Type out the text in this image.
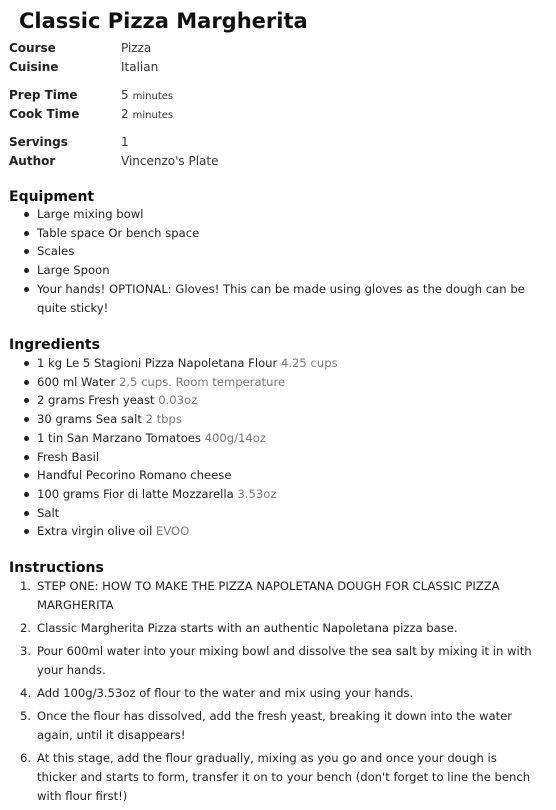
Classic Pizza Margherita
Course	Pizza
Cuisine	Italian
Prep Time	5 minutes
Cook Time	2 minutes
Servings	1
Author	Vincenzo's Plate
Equipment
Large mixing bowl
Table space Or bench space
Scales
Large Spoon
Your hands! OPTIONAL: Gloves! This can be made using gloves as the dough can be quite sticky!
Ingredients
1 kg Le 5 Stagioni Pizza Napoletana Flour 4.25 cups
600 ml Water 2.5 cups. Room temperature
2 grams Fresh yeast 0.03oz
30 grams Sea salt 2 tbps
1 tin San Marzano Tomatoes 400g/14oz
Fresh Basil
Handful Pecorino Romano cheese
100 grams Fior di latte Mozzarella 3.53oz
Salt
Extra virgin olive oil EVOO
Instructions
1. STEP ONE: HOW TO MAKE THE PIZZA NAPOLETANA DOUGH FOR CLASSIC PIZZA MARGHERITA
2. Classic Margherita Pizza starts with an authentic Napoletana pizza base.
3. Pour 600ml water into your mixing bowl and dissolve the sea salt by mixing it in with your hands.
4. Add 100g/3.53oz of flour to the water and mix using your hands.
5. Once the flour has dissolved, add the fresh yeast, breaking it down into the water again, until it disappears!
6. At this stage, add the flour gradually, mixing as you go and once your dough is thicker and starts to form, transfer it on to your bench (don't forget to line the bench with flour first!)
